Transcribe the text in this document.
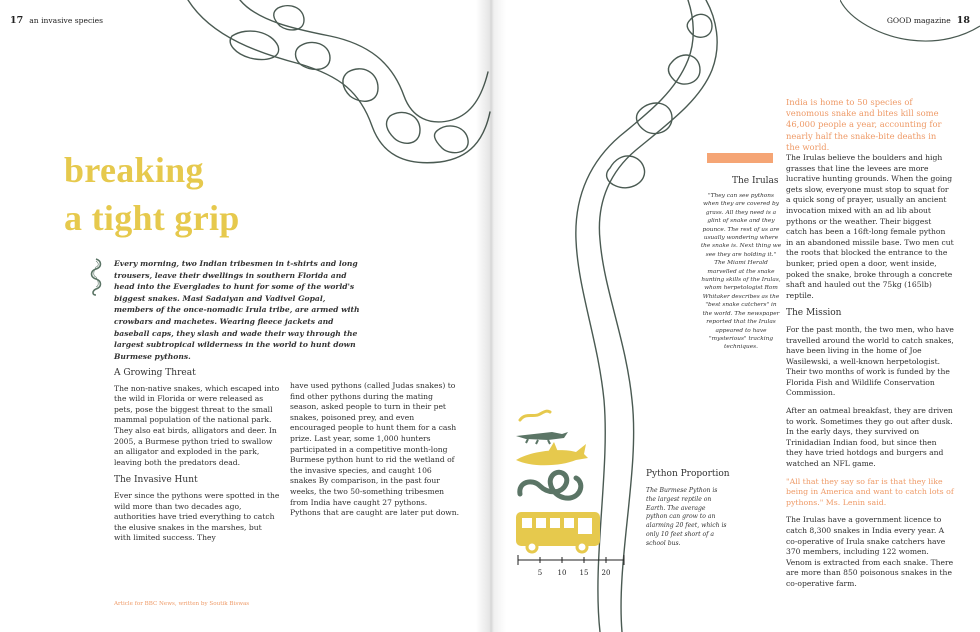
17 an invasive species	GOOD magazine 18
breaking
a tight grip
Every morning, two Indian tribesmen in t-shirts and long trousers, leave their dwellings in southern Florida and head into the Everglades to hunt for some of the world's biggest snakes. Masi Sadaiyan and Vadivel Gopal, members of the once-nomadic Irula tribe, are armed with crowbars and machetes. Wearing fleece jackets and baseball caps, they slash and wade their way through the largest subtropical wilderness in the world to hunt down Burmese pythons.
A Growing Threat

The non-native snakes, which escaped into the wild in Florida or were released as pets, pose the biggest threat to the small mammal population of the national park. They also eat birds, alligators and deer. In 2005, a Burmese python tried to swallow an alligator and exploded in the park, leaving both the predators dead.

The Invasive Hunt

Ever since the pythons were spotted in the wild more than two decades ago, authorities have tried everything to catch the elusive snakes in the marshes, but with limited success. They

have used pythons (called Judas snakes) to find other pythons during the mating season, asked people to turn in their pet snakes, poisoned prey, and even encouraged people to hunt them for a cash prize. Last year, some 1,000 hunters participated in a competitive month-long Burmese python hunt to rid the wetland of the invasive species, and caught 106 snakes By comparison, in the past four weeks, the two 50-something tribesmen from India have caught 27 pythons. Pythons that are caught are later put down.

Article for BBC News, written by Soutik Biswas
India is home to 50 species of venomous snake and bites kill some 46,000 people a year, accounting for nearly half the snake-bite deaths in the world.
The Irulas
"They can see pythons when they are covered by grass. All they need is a glint of snake and they pounce. The rest of us are usually wondering where the snake is. Next thing we see they are holding it." The Miami Herald marvelled at the snake hunting skills of the Irulas, whom herpetologist Rom Whitaker describes as the "best snake catchers" in the world. The newspaper reported that the Irulas appeared to have "mysterious" tracking techniques.

The Irulas believe the boulders and high grasses that line the levees are more lucrative hunting grounds. When the going gets slow, everyone must stop to squat for a quick song of prayer, usually an ancient invocation mixed with an ad lib about pythons or the weather. Their biggest catch has been a 16ft-long female python in an abandoned missile base. Two men cut the roots that blocked the entrance to the bunker, pried open a door, went inside, poked the snake, broke through a concrete shaft and hauled out the 75kg (165lb) reptile.

The Mission

For the past month, the two men, who have travelled around the world to catch snakes, have been living in the home of Joe Wasilewski, a well-known herpetologist. Their two months of work is funded by the Florida Fish and Wildlife Conservation Commission.

After an oatmeal breakfast, they are driven to work. Sometimes they go out after dusk. In the early days, they survived on Trinidadian Indian food, but since then they have tried hotdogs and burgers and watched an NFL game.

"All that they say so far is that they like being in America and want to catch lots of pythons." Ms. Lenin said.

The Irulas have a government licence to catch 8,300 snakes in India every year. A co-operative of Irula snake catchers have 370 members, including 122 women. Venom is extracted from each snake. There are more than 850 poisonous snakes in the co-operative farm.

5 10 15 20
Python Proportion
The Burmese Python is the largest reptile on Earth. The average python can grow to an alarming 20 feet, which is only 10 feet short of a school bus.
